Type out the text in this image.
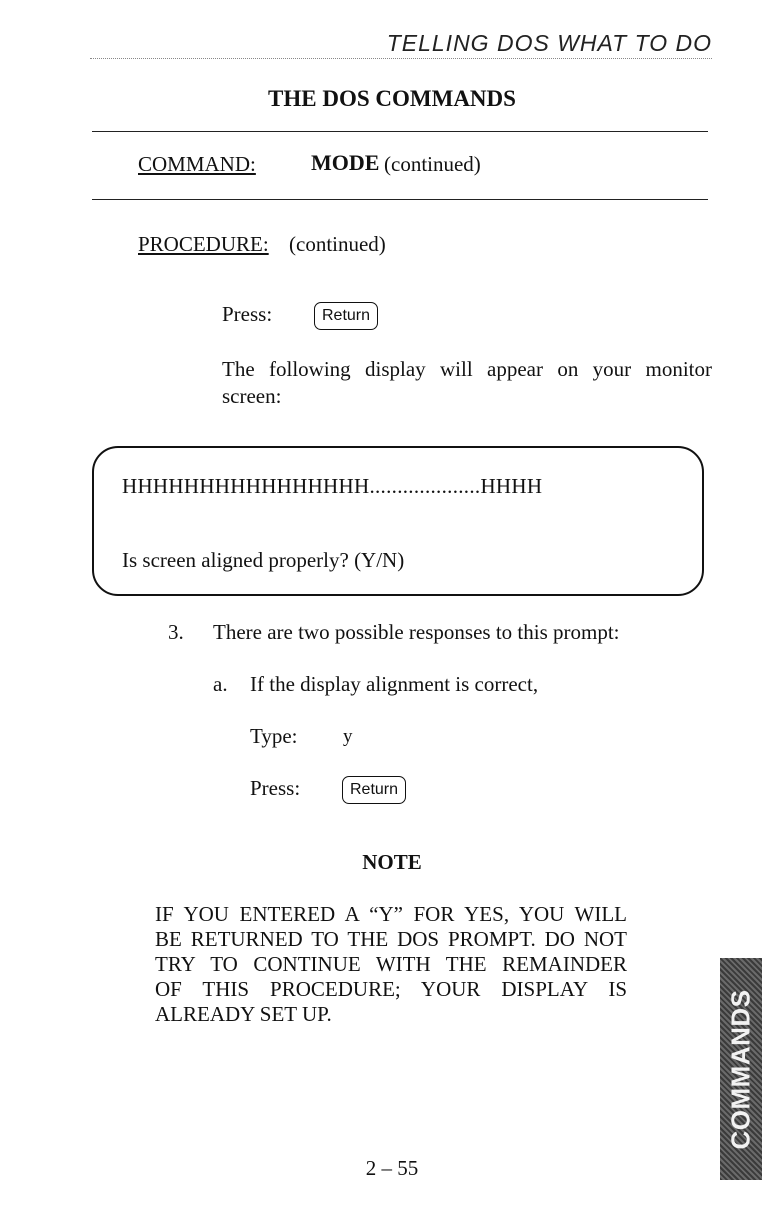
TELLING DOS WHAT TO DO
THE DOS COMMANDS
COMMAND:	MODE (continued)
PROCEDURE: (continued)
Press:	Return
The following display will appear on your monitor screen:
HHHHHHHHHHHHHHHH....................HHHH
Is screen aligned properly? (Y/N)
3. There are two possible responses to this prompt:
a. If the display alignment is correct,
Type: y
Press:	Return
NOTE
IF YOU ENTERED A “Y” FOR YES, YOU WILL
BE RETURNED TO THE DOS PROMPT. DO NOT
TRY TO CONTINUE WITH THE REMAINDER
OF THIS PROCEDURE; YOUR DISPLAY IS
ALREADY SET UP.
2 – 55
COMMANDS
